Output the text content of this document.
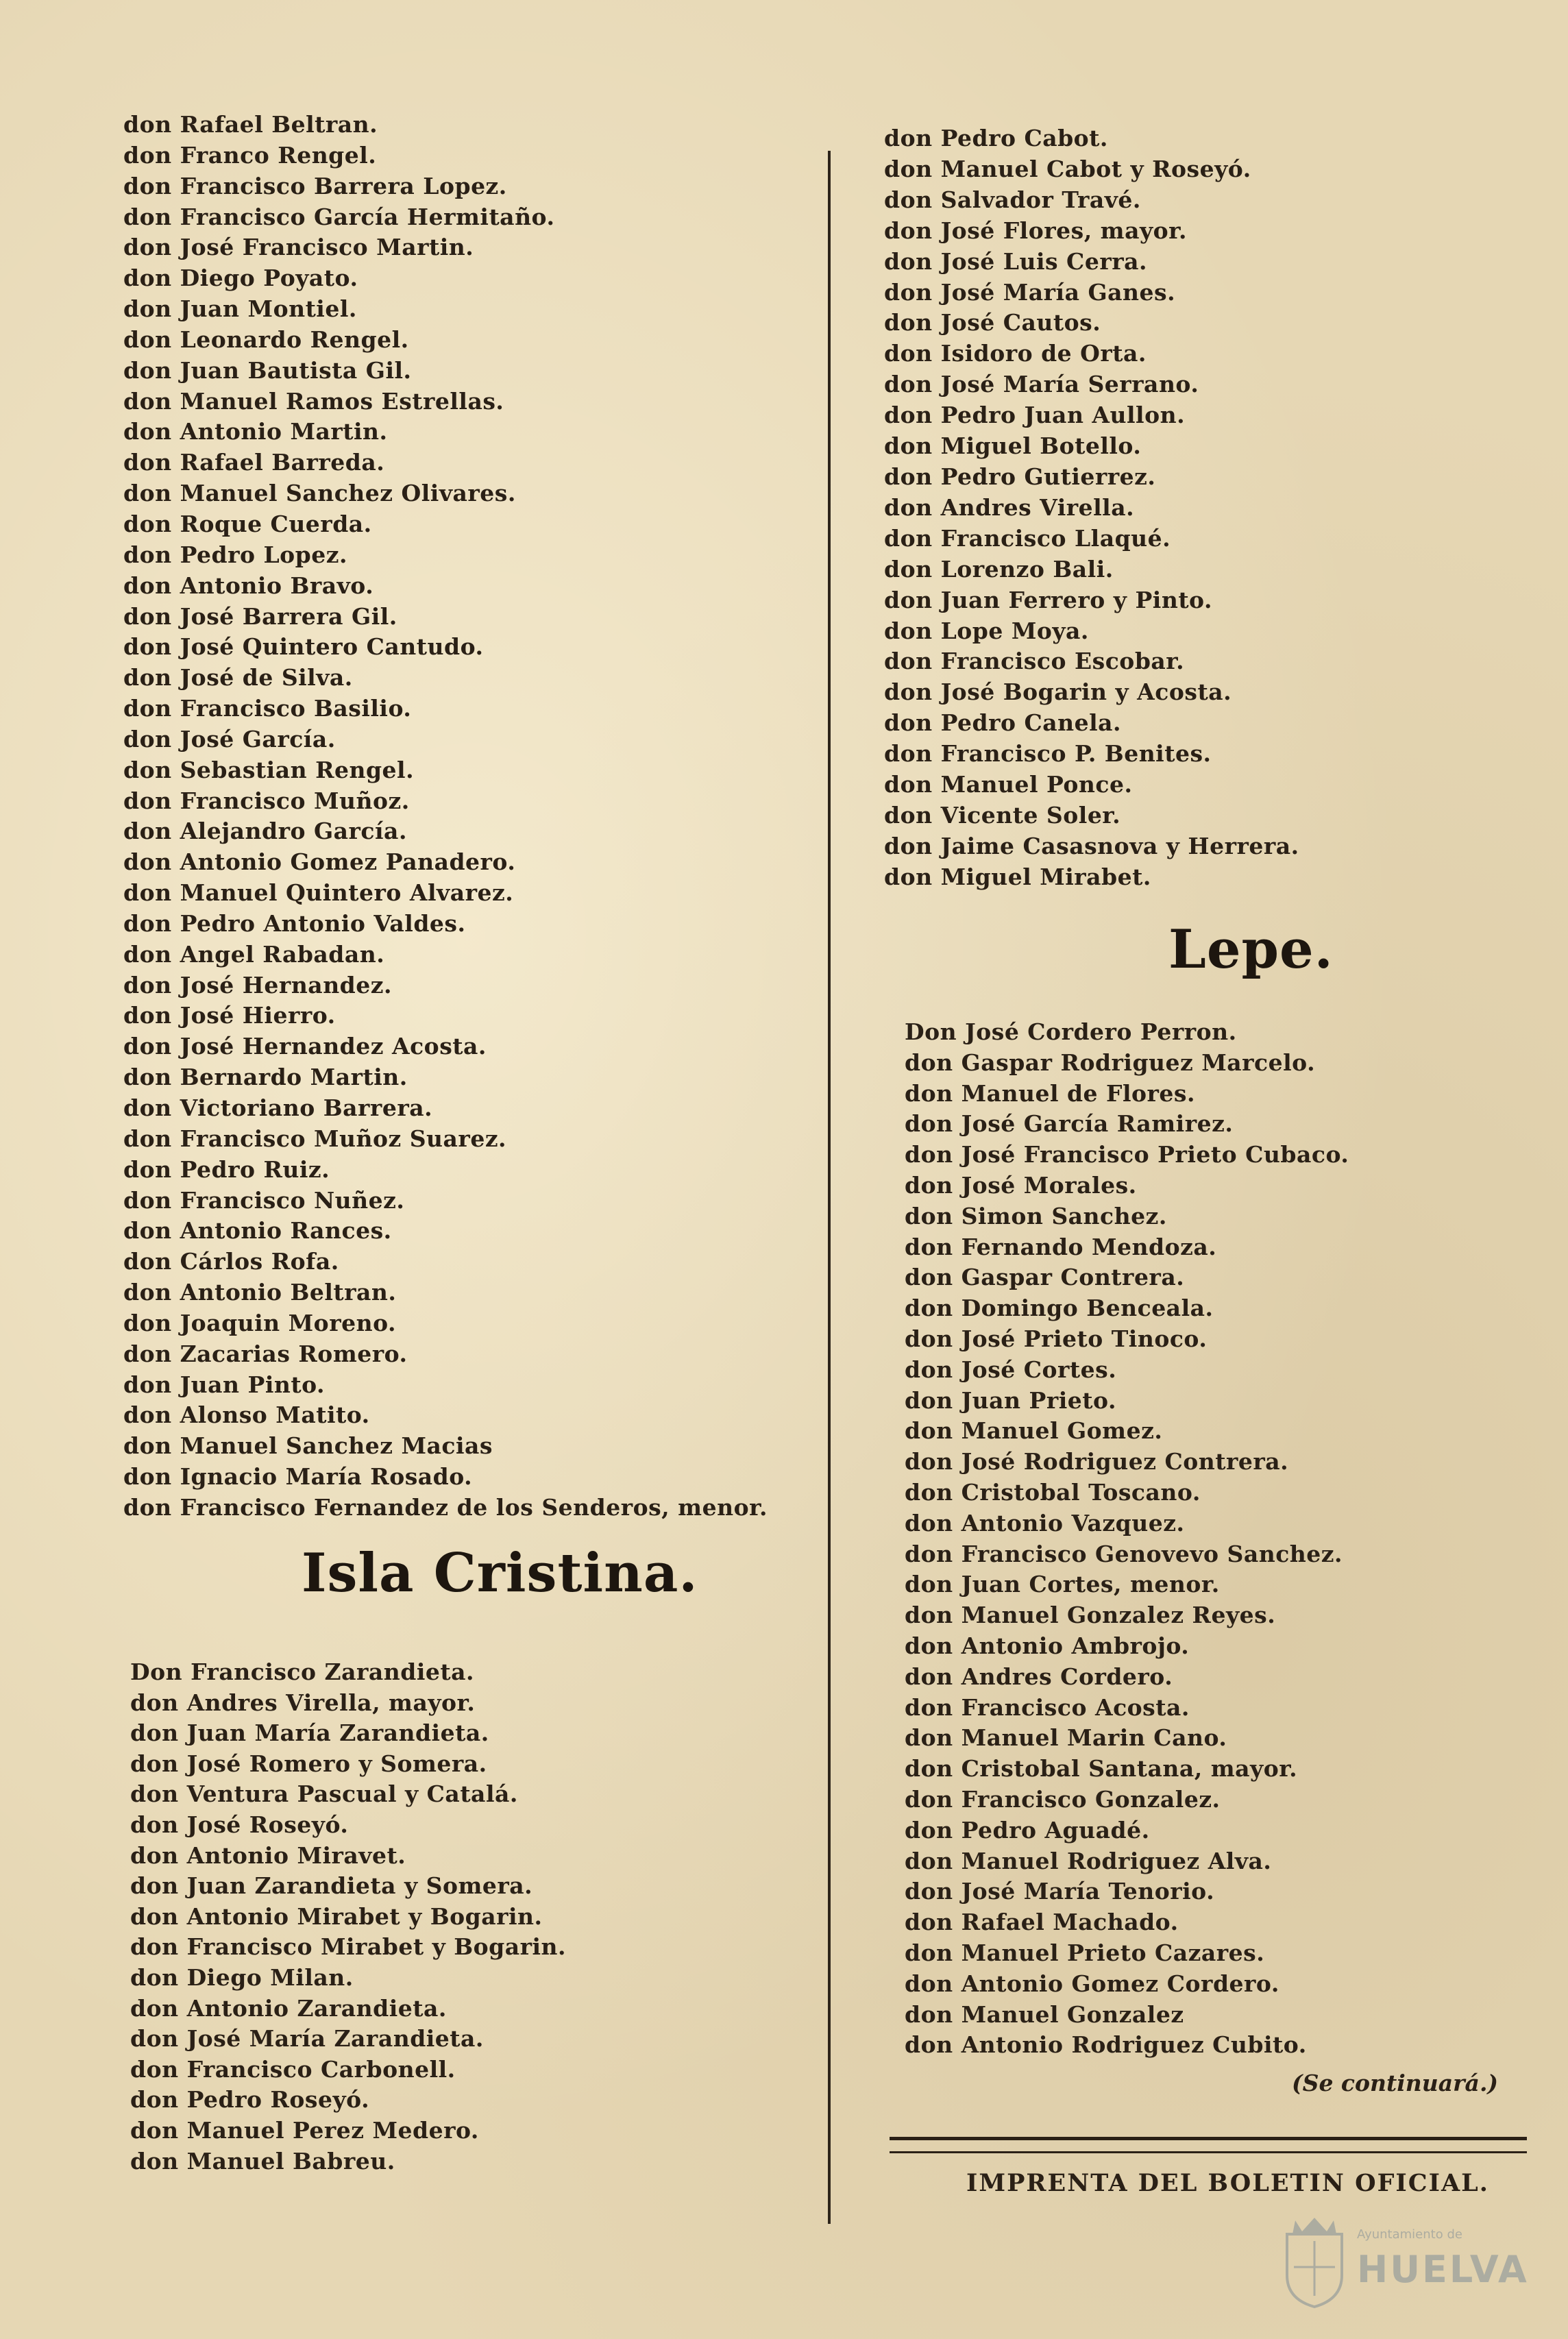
don Rafael Beltran.
don Franco Rengel.
don Francisco Barrera Lopez.
don Francisco García Hermitaño.
don José Francisco Martin.
don Diego Poyato.
don Juan Montiel.
don Leonardo Rengel.
don Juan Bautista Gil.
don Manuel Ramos Estrellas.
don Antonio Martin.
don Rafael Barreda.
don Manuel Sanchez Olivares.
don Roque Cuerda.
don Pedro Lopez.
don Antonio Bravo.
don José Barrera Gil.
don José Quintero Cantudo.
don José de Silva.
don Francisco Basilio.
don José García.
don Sebastian Rengel.
don Francisco Muñoz.
don Alejandro García.
don Antonio Gomez Panadero.
don Manuel Quintero Alvarez.
don Pedro Antonio Valdes.
don Angel Rabadan.
don José Hernandez.
don José Hierro.
don José Hernandez Acosta.
don Bernardo Martin.
don Victoriano Barrera.
don Francisco Muñoz Suarez.
don Pedro Ruiz.
don Francisco Nuñez.
don Antonio Rances.
don Cárlos Rofa.
don Antonio Beltran.
don Joaquin Moreno.
don Zacarias Romero.
don Juan Pinto.
don Alonso Matito.
don Manuel Sanchez Macias
don Ignacio María Rosado.
don Francisco Fernandez de los Senderos, menor.
Isla Cristina.
Don Francisco Zarandieta.
don Andres Virella, mayor.
don Juan María Zarandieta.
don José Romero y Somera.
don Ventura Pascual y Catalá.
don José Roseyó.
don Antonio Miravet.
don Juan Zarandieta y Somera.
don Antonio Mirabet y Bogarin.
don Francisco Mirabet y Bogarin.
don Diego Milan.
don Antonio Zarandieta.
don José María Zarandieta.
don Francisco Carbonell.
don Pedro Roseyó.
don Manuel Perez Medero.
don Manuel Babreu.
don Pedro Cabot.
don Manuel Cabot y Roseyó.
don Salvador Travé.
don José Flores, mayor.
don José Luis Cerra.
don José María Ganes.
don José Cautos.
don Isidoro de Orta.
don José María Serrano.
don Pedro Juan Aullon.
don Miguel Botello.
don Pedro Gutierrez.
don Andres Virella.
don Francisco Llaqué.
don Lorenzo Bali.
don Juan Ferrero y Pinto.
don Lope Moya.
don Francisco Escobar.
don José Bogarin y Acosta.
don Pedro Canela.
don Francisco P. Benites.
don Manuel Ponce.
don Vicente Soler.
don Jaime Casasnova y Herrera.
don Miguel Mirabet.
Lepe.
Don José Cordero Perron.
don Gaspar Rodriguez Marcelo.
don Manuel de Flores.
don José García Ramirez.
don José Francisco Prieto Cubaco.
don José Morales.
don Simon Sanchez.
don Fernando Mendoza.
don Gaspar Contrera.
don Domingo Benceala.
don José Prieto Tinoco.
don José Cortes.
don Juan Prieto.
don Manuel Gomez.
don José Rodriguez Contrera.
don Cristobal Toscano.
don Antonio Vazquez.
don Francisco Genovevo Sanchez.
don Juan Cortes, menor.
don Manuel Gonzalez Reyes.
don Antonio Ambrojo.
don Andres Cordero.
don Francisco Acosta.
don Manuel Marin Cano.
don Cristobal Santana, mayor.
don Francisco Gonzalez.
don Pedro Aguadé.
don Manuel Rodriguez Alva.
don José María Tenorio.
don Rafael Machado.
don Manuel Prieto Cazares.
don Antonio Gomez Cordero.
don Manuel Gonzalez
don Antonio Rodriguez Cubito.
(Se continuará.)
IMPRENTA DEL BOLETIN OFICIAL.
Ayuntamiento de
HUELVA
